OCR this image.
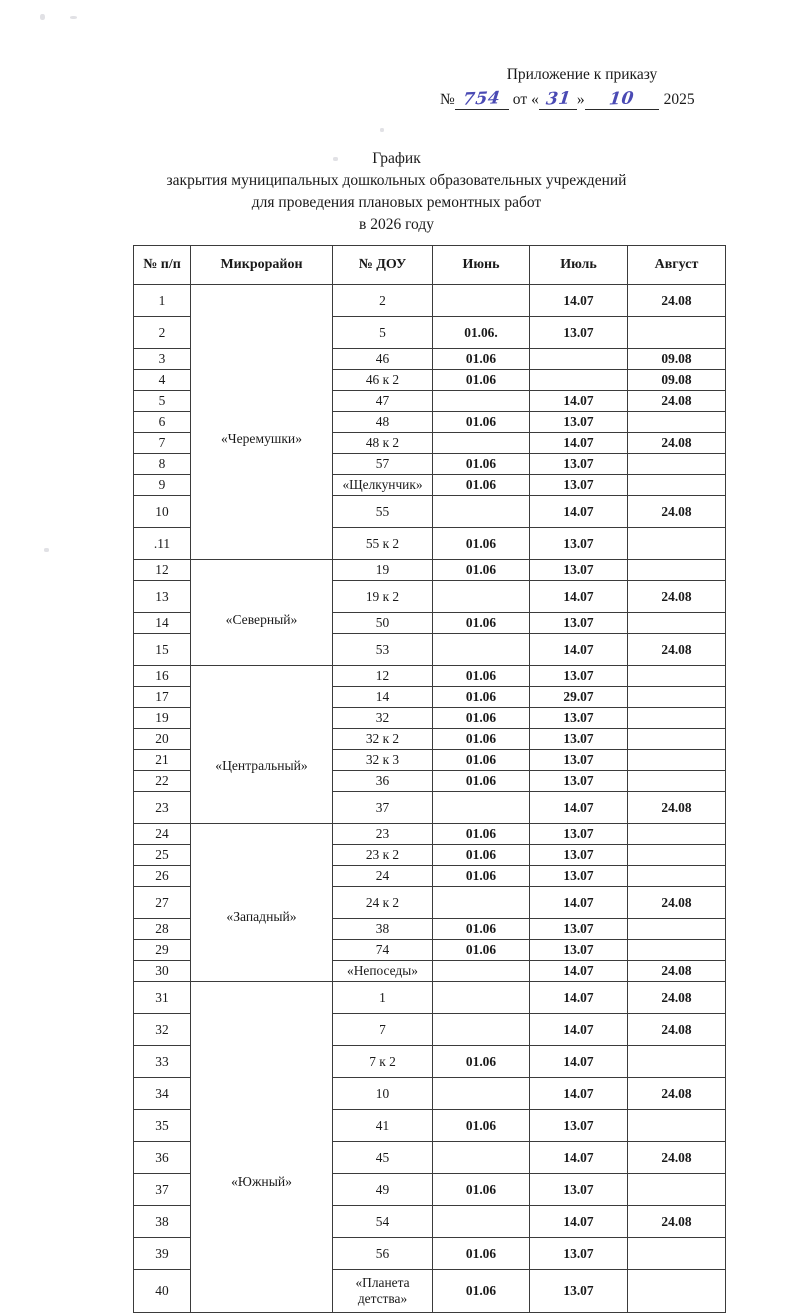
Приложение к приказу
№ 754 от « 31 »	10	2025
График
закрытия муниципальных дошкольных образовательных учреждений
для проведения плановых ремонтных работ
в 2026 году
№ п/п	Микрорайон	№ ДОУ	Июнь	Июль	Август
1	«Черемушки»	2		14.07	24.08
2		5	01.06.	13.07	
3		46	01.06		09.08
4		46 к 2	01.06		09.08
5		47		14.07	24.08
6		48	01.06	13.07	
7		48 к 2		14.07	24.08
8		57	01.06	13.07	
9		«Щелкунчик»	01.06	13.07	
10		55		14.07	24.08
.11		55 к 2	01.06	13.07	
12	«Северный»	19	01.06	13.07	
13		19 к 2		14.07	24.08
14		50	01.06	13.07	
15		53		14.07	24.08
16	«Центральный»	12	01.06	13.07	
17		14	01.06	29.07	
19		32	01.06	13.07	
20		32 к 2	01.06	13.07	
21		32 к 3	01.06	13.07	
22		36	01.06	13.07	
23		37		14.07	24.08
24	«Западный»	23	01.06	13.07	
25		23 к 2	01.06	13.07	
26		24	01.06	13.07	
27		24 к 2		14.07	24.08
28		38	01.06	13.07	
29		74	01.06	13.07	
30		«Непоседы»		14.07	24.08
31	«Южный»	1		14.07	24.08
32		7		14.07	24.08
33		7 к 2	01.06	14.07	
34		10		14.07	24.08
35		41	01.06	13.07	
36		45		14.07	24.08
37		49	01.06	13.07	
38		54		14.07	24.08
39		56	01.06	13.07	
40		«Планета
детства»	01.06	13.07	
